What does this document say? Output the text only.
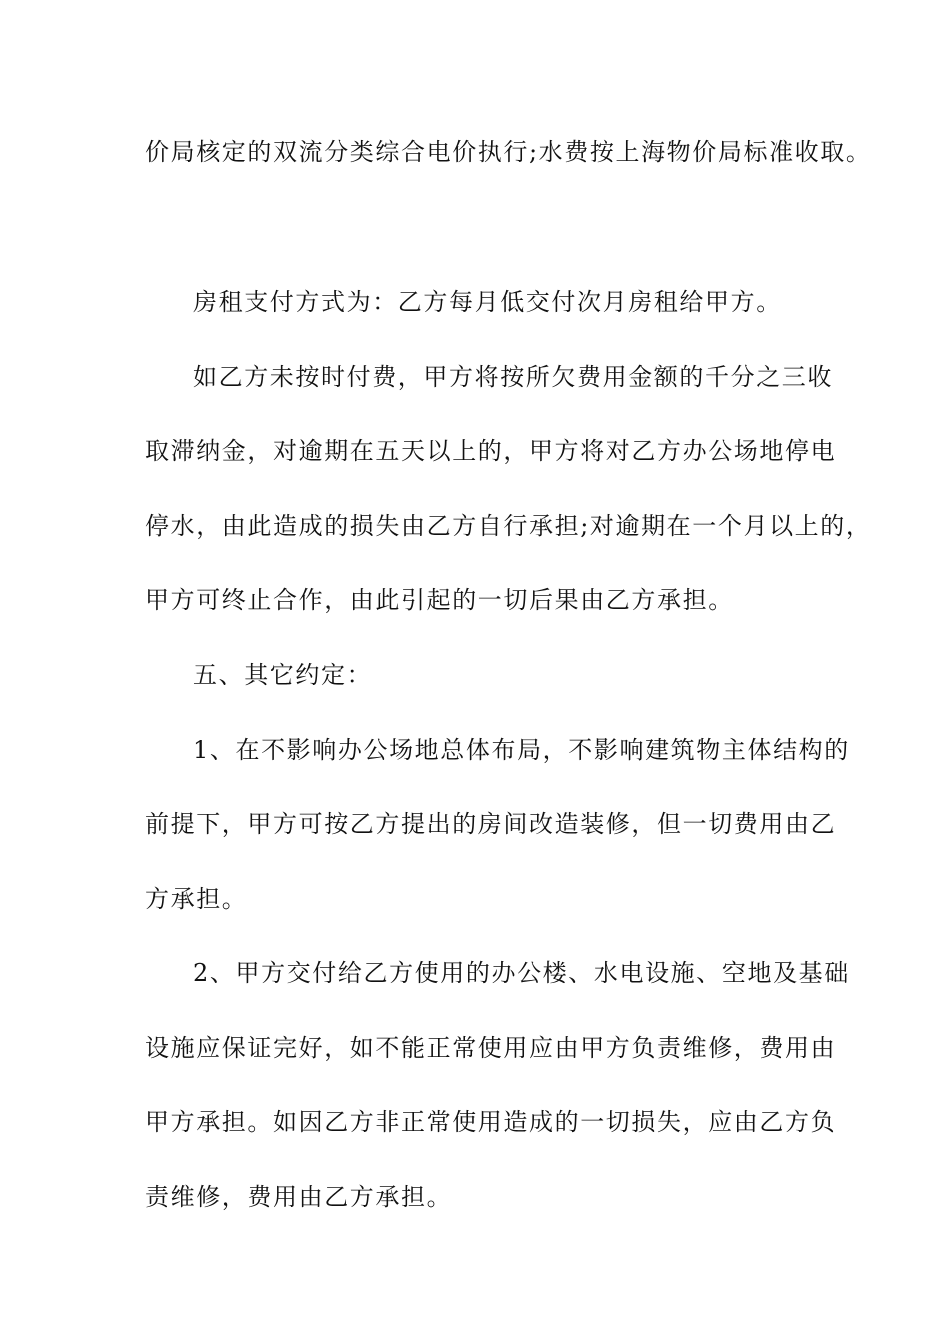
价局核定的双流分类综合电价执行;水费按上海物价局标准收取。
房租支付方式为：乙方每月低交付次月房租给甲方。
如乙方未按时付费，甲方将按所欠费用金额的千分之三收
取滞纳金，对逾期在五天以上的，甲方将对乙方办公场地停电
停水，由此造成的损失由乙方自行承担;对逾期在一个月以上的，
甲方可终止合作，由此引起的一切后果由乙方承担。
五、其它约定：
1、在不影响办公场地总体布局，不影响建筑物主体结构的
前提下，甲方可按乙方提出的房间改造装修，但一切费用由乙
方承担。
2、甲方交付给乙方使用的办公楼、水电设施、空地及基础
设施应保证完好，如不能正常使用应由甲方负责维修，费用由
甲方承担。如因乙方非正常使用造成的一切损失，应由乙方负
责维修，费用由乙方承担。
